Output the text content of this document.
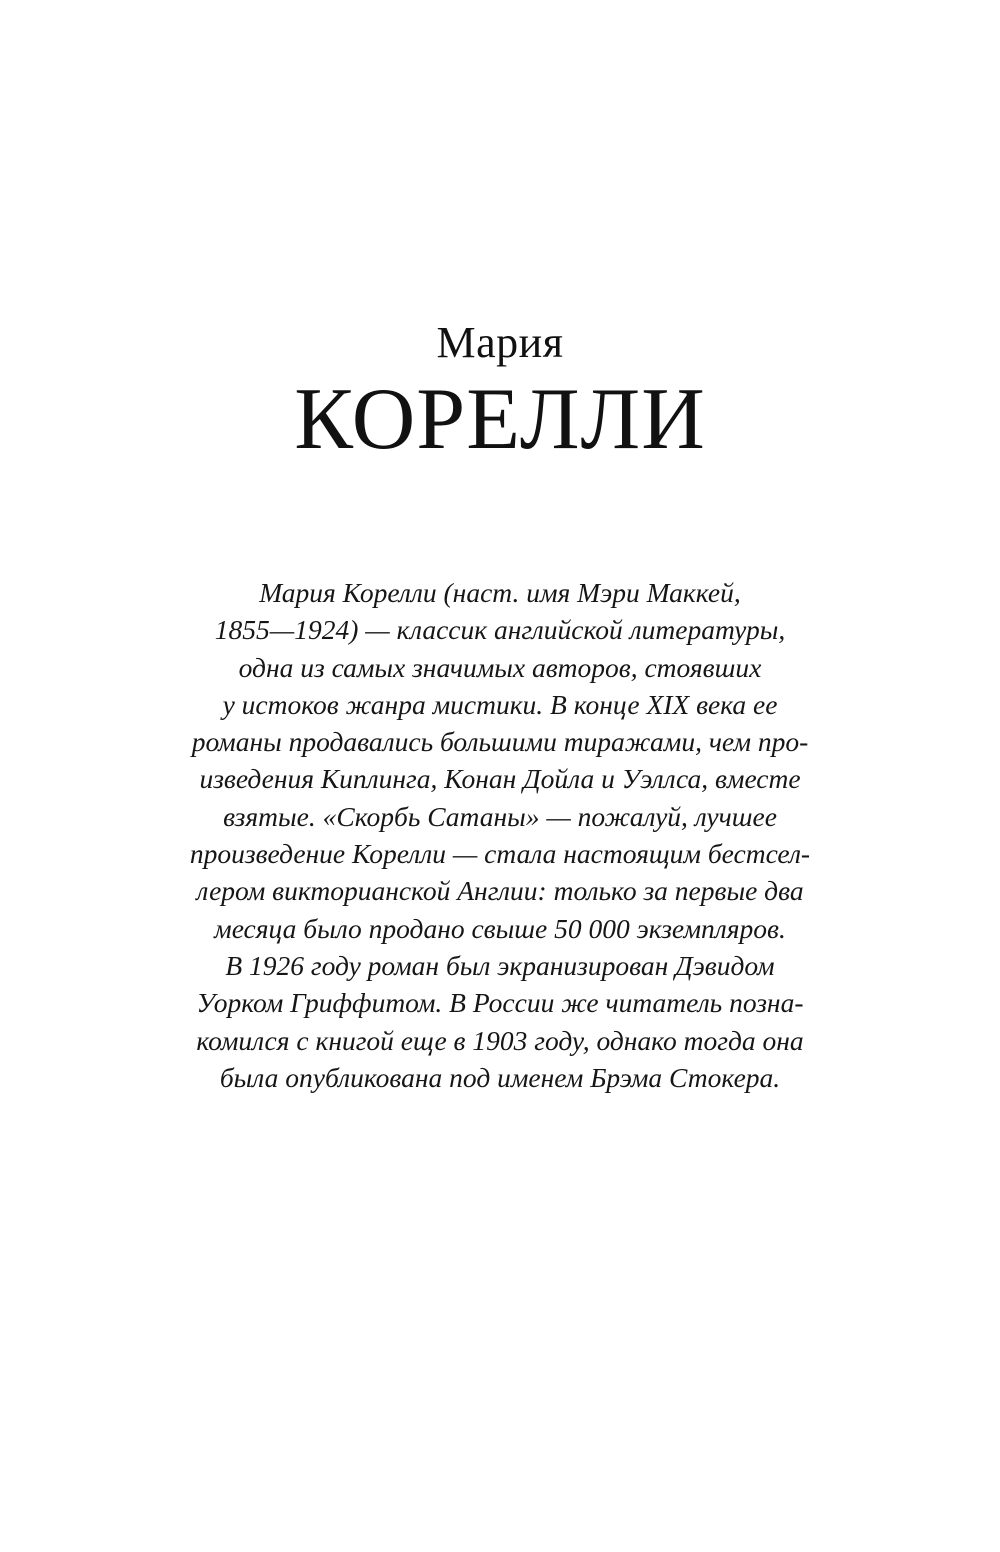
Мария
КОРЕЛЛИ
Мария Корелли (наст. имя Мэри Маккей,
1855—1924) — классик английской литературы,
одна из самых значимых авторов, стоявших
у истоков жанра мистики. В конце XIX века ее
романы продавались большими тиражами, чем про-
изведения Киплинга, Конан Дойла и Уэллса, вместе
взятые. «Скорбь Сатаны» — пожалуй, лучшее
произведение Корелли — стала настоящим бестсел-
лером викторианской Англии: только за первые два
месяца было продано свыше 50 000 экземпляров.
В 1926 году роман был экранизирован Дэвидом
Уорком Гриффитом. В России же читатель позна-
комился с книгой еще в 1903 году, однако тогда она
была опубликована под именем Брэма Стокера.
